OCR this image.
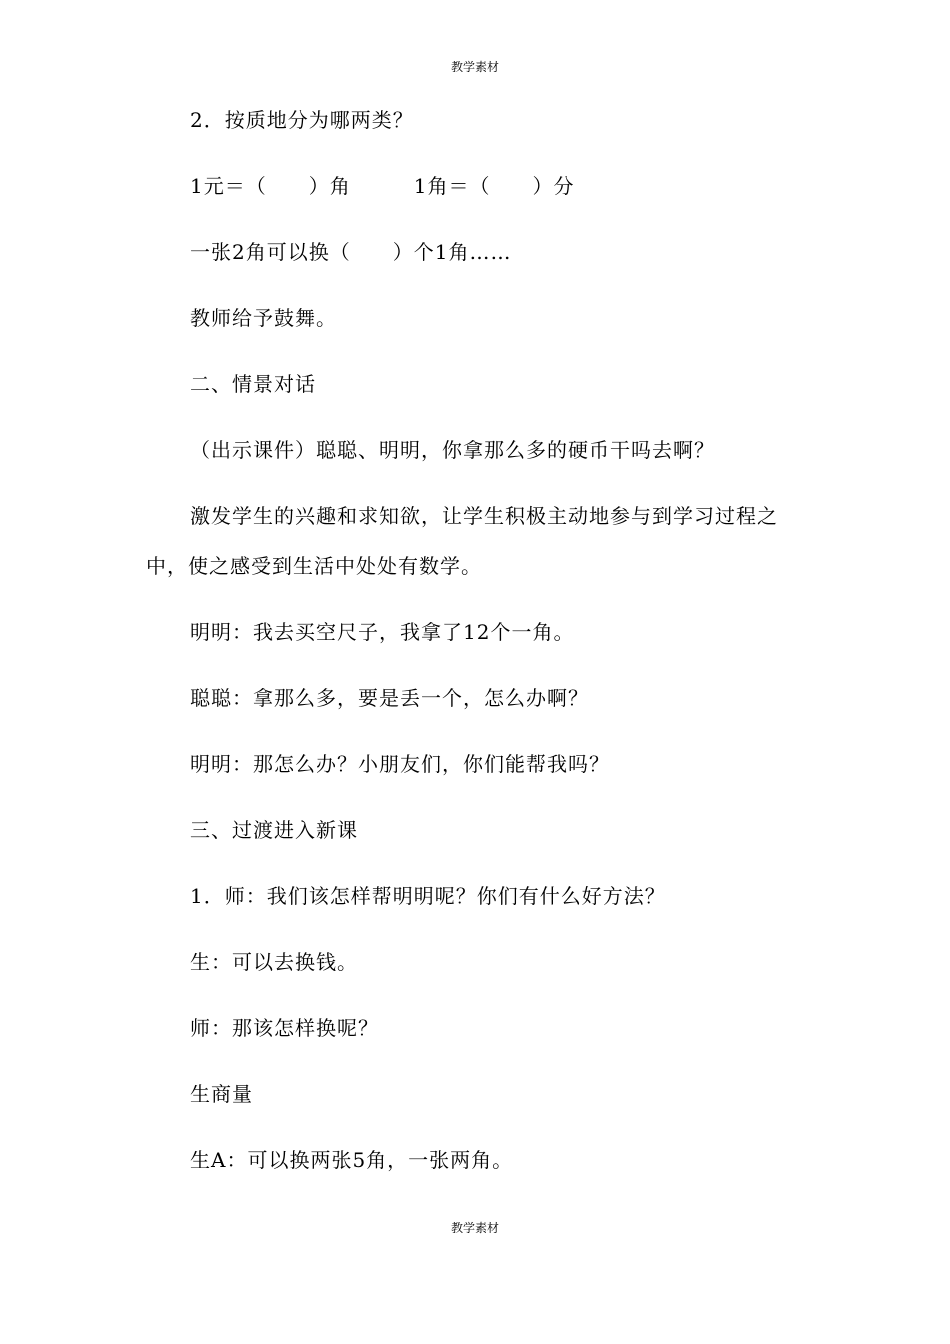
教学素材
2．按质地分为哪两类？
1元＝（　　）角　　　1角＝（　　）分
一张2角可以换（　　）个1角……
教师给予鼓舞。
二、情景对话
（出示课件）聪聪、明明，你拿那么多的硬币干吗去啊？
激发学生的兴趣和求知欲，让学生积极主动地参与到学习过程之
中，使之感受到生活中处处有数学。
明明：我去买空尺子，我拿了12个一角。
聪聪：拿那么多，要是丢一个，怎么办啊？
明明：那怎么办？小朋友们，你们能帮我吗？
三、过渡进入新课
1．师：我们该怎样帮明明呢？你们有什么好方法？
生：可以去换钱。
师：那该怎样换呢？
生商量
生A：可以换两张5角，一张两角。
教学素材
